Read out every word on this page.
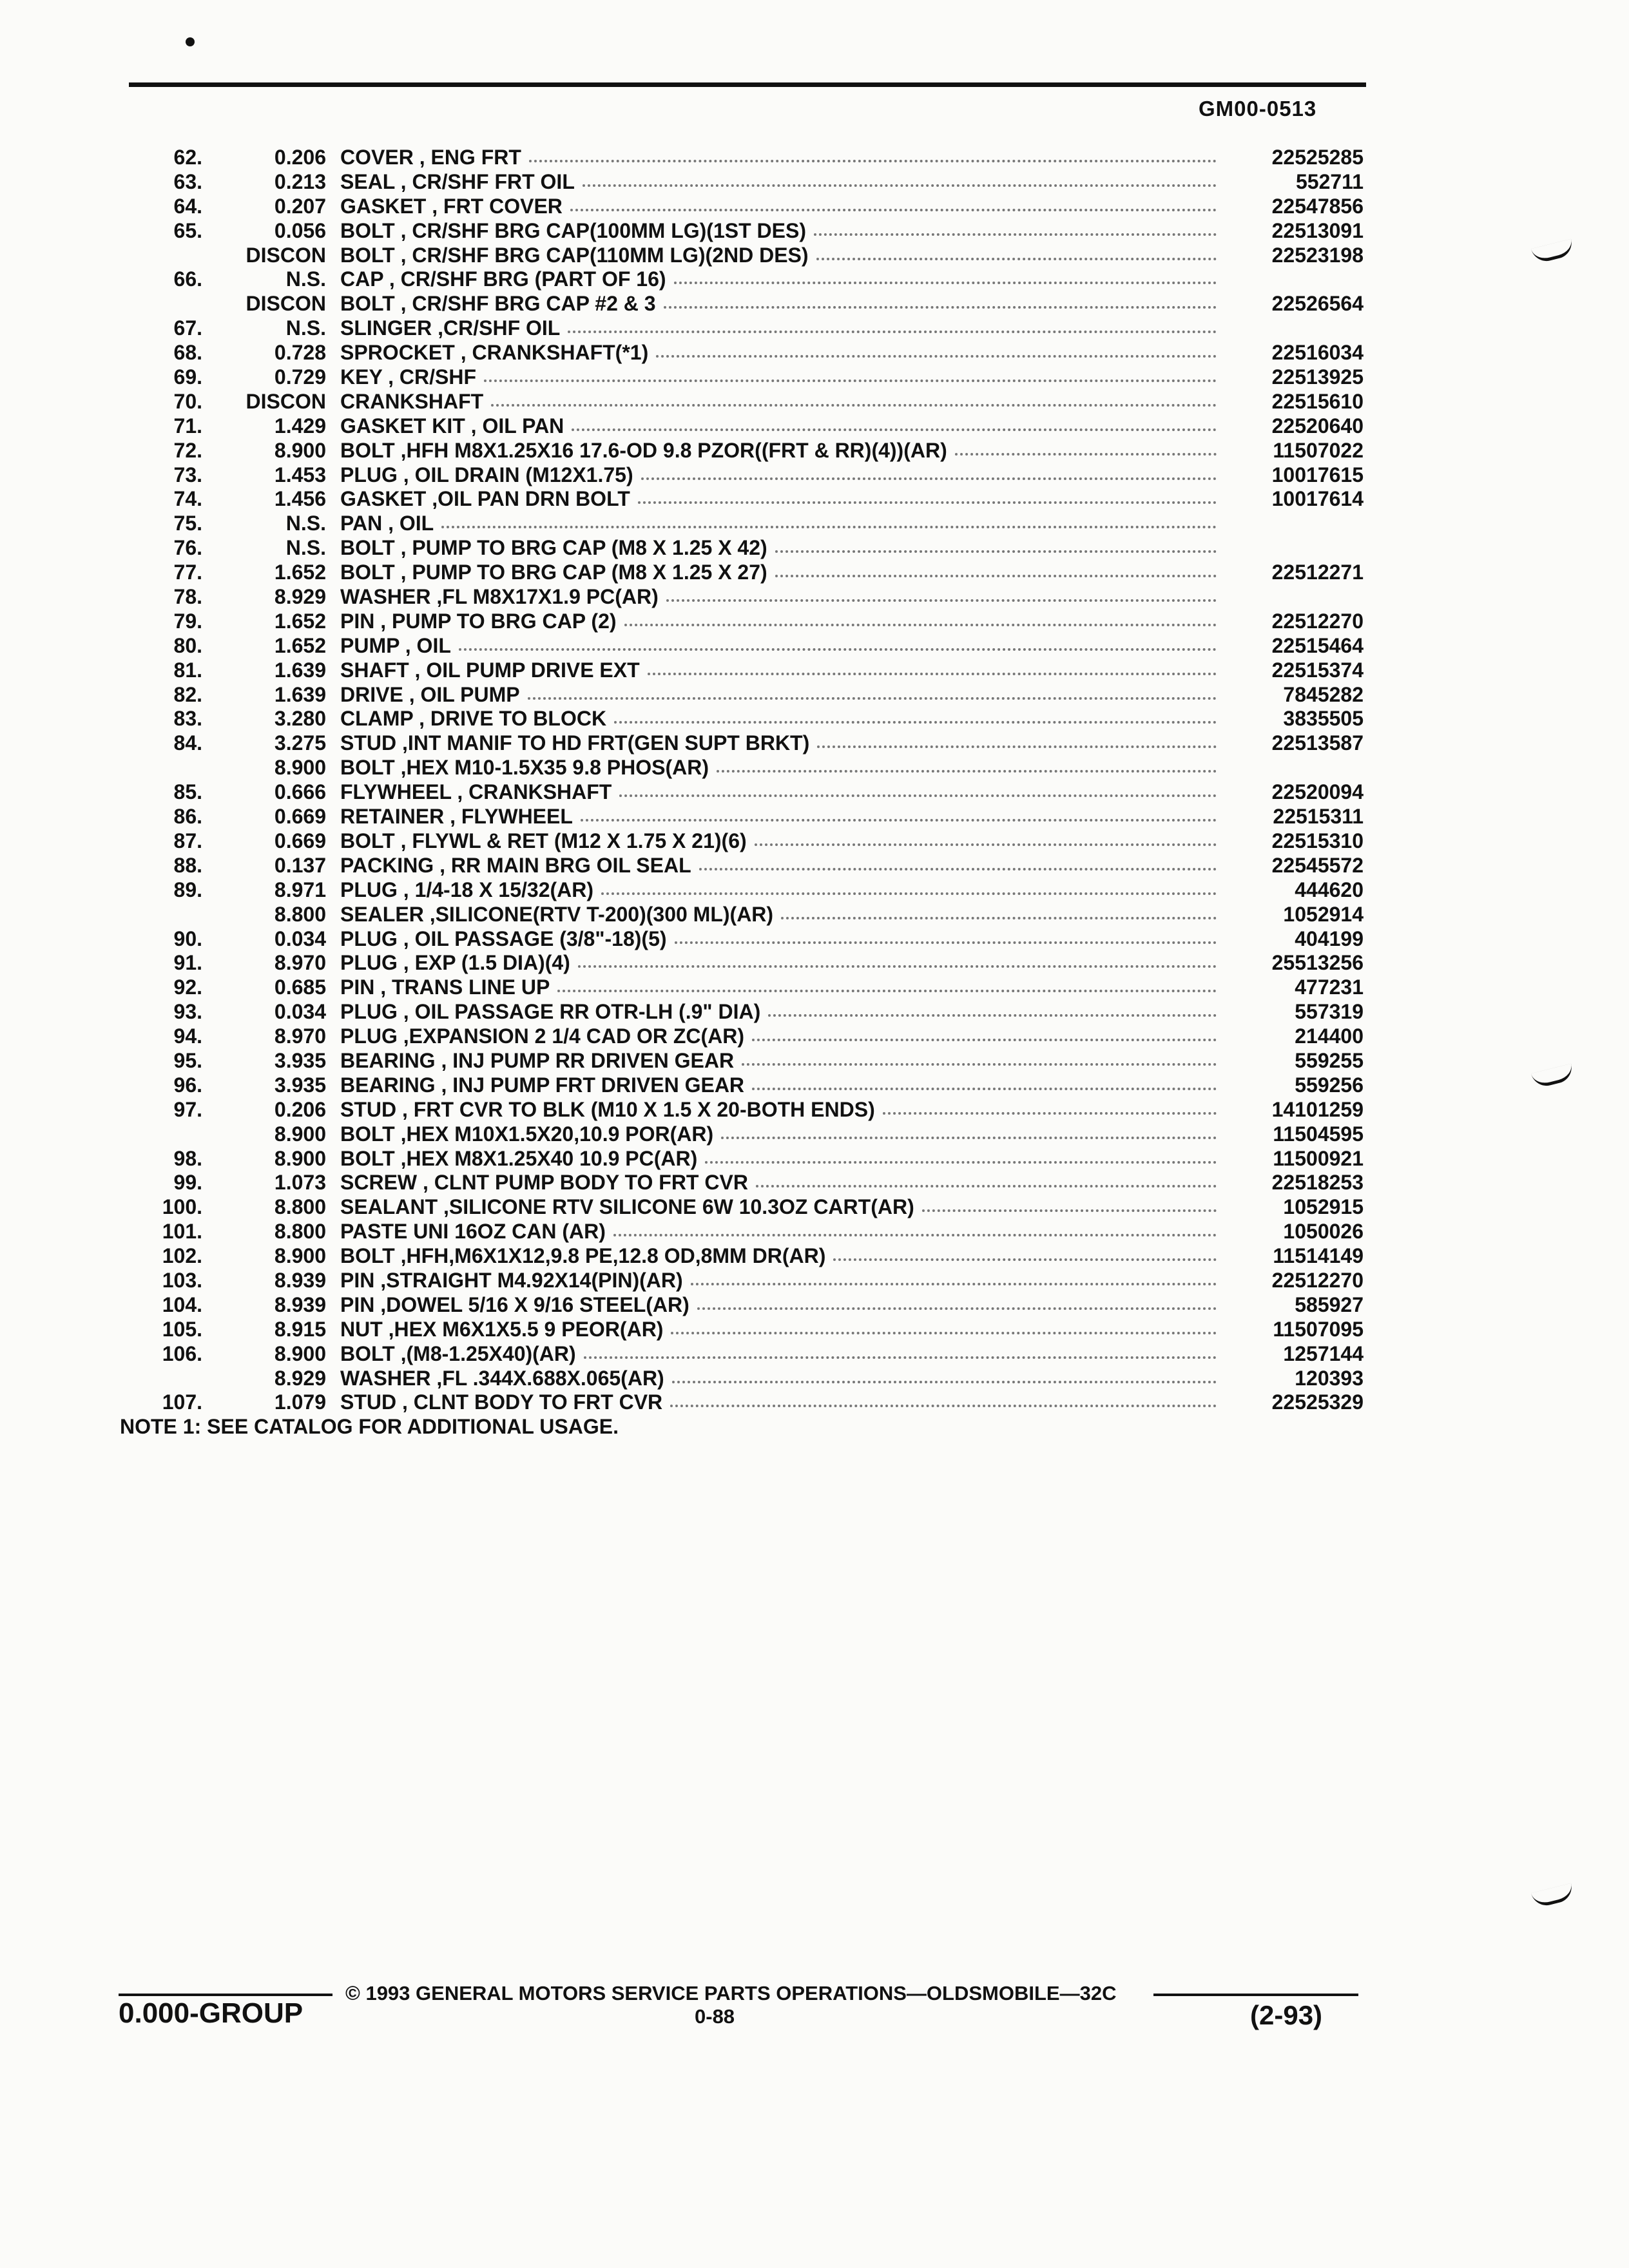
GM00-0513
62.	0.206 COVER , ENG FRT	22525285
63.	0.213 SEAL , CR/SHF FRT OIL	552711
64.	0.207 GASKET , FRT COVER	22547856
65.	0.056 BOLT , CR/SHF BRG CAP(100MM LG)(1ST DES)	22513091
DISCON BOLT , CR/SHF BRG CAP(110MM LG)(2ND DES)	22523198
66.	N.S. CAP , CR/SHF BRG (PART OF 16)
DISCON BOLT , CR/SHF BRG CAP #2 & 3	22526564
67.	N.S. SLINGER ,CR/SHF OIL
68.	0.728 SPROCKET , CRANKSHAFT(*1)	22516034
69.	0.729 KEY , CR/SHF	22513925
70. DISCON CRANKSHAFT	22515610
71.	1.429 GASKET KIT , OIL PAN	22520640
72.	8.900 BOLT ,HFH M8X1.25X16 17.6-OD 9.8 PZOR((FRT & RR)(4))(AR)	11507022
73.	1.453 PLUG , OIL DRAIN (M12X1.75)	10017615
74.	1.456 GASKET ,OIL PAN DRN BOLT	10017614
75.	N.S. PAN , OIL
76.	N.S. BOLT , PUMP TO BRG CAP (M8 X 1.25 X 42)
77.	1.652 BOLT , PUMP TO BRG CAP (M8 X 1.25 X 27)	22512271
78.	8.929 WASHER ,FL M8X17X1.9 PC(AR)
79.	1.652 PIN , PUMP TO BRG CAP (2)	22512270
80.	1.652 PUMP , OIL	22515464
81.	1.639 SHAFT , OIL PUMP DRIVE EXT	22515374
82.	1.639 DRIVE , OIL PUMP	7845282
83.	3.280 CLAMP , DRIVE TO BLOCK	3835505
84.	3.275 STUD ,INT MANIF TO HD FRT(GEN SUPT BRKT)	22513587
8.900 BOLT ,HEX M10-1.5X35 9.8 PHOS(AR)
85.	0.666 FLYWHEEL , CRANKSHAFT	22520094
86.	0.669 RETAINER , FLYWHEEL	22515311
87.	0.669 BOLT , FLYWL & RET (M12 X 1.75 X 21)(6)	22515310
88.	0.137 PACKING , RR MAIN BRG OIL SEAL	22545572
89.	8.971 PLUG , 1/4-18 X 15/32(AR)	444620
8.800 SEALER ,SILICONE(RTV T-200)(300 ML)(AR)	1052914
90.	0.034 PLUG , OIL PASSAGE (3/8"-18)(5)	404199
91.	8.970 PLUG , EXP (1.5 DIA)(4)	25513256
92.	0.685 PIN , TRANS LINE UP	477231
93.	0.034 PLUG , OIL PASSAGE RR OTR-LH (.9" DIA)	557319
94.	8.970 PLUG ,EXPANSION 2 1/4 CAD OR ZC(AR)	214400
95.	3.935 BEARING , INJ PUMP RR DRIVEN GEAR	559255
96.	3.935 BEARING , INJ PUMP FRT DRIVEN GEAR	559256
97.	0.206 STUD , FRT CVR TO BLK (M10 X 1.5 X 20-BOTH ENDS)	14101259
8.900 BOLT ,HEX M10X1.5X20,10.9 POR(AR)	11504595
98.	8.900 BOLT ,HEX M8X1.25X40 10.9 PC(AR)	11500921
99.	1.073 SCREW , CLNT PUMP BODY TO FRT CVR	22518253
100.	8.800 SEALANT ,SILICONE RTV SILICONE 6W 10.3OZ CART(AR)	1052915
101.	8.800 PASTE UNI 16OZ CAN (AR)	1050026
102.	8.900 BOLT ,HFH,M6X1X12,9.8 PE,12.8 OD,8MM DR(AR)	11514149
103.	8.939 PIN ,STRAIGHT M4.92X14(PIN)(AR)	22512270
104.	8.939 PIN ,DOWEL 5/16 X 9/16 STEEL(AR)	585927
105.	8.915 NUT ,HEX M6X1X5.5 9 PEOR(AR)	11507095
106.	8.900 BOLT ,(M8-1.25X40)(AR)	1257144
8.929 WASHER ,FL .344X.688X.065(AR)	120393
107.	1.079 STUD , CLNT BODY TO FRT CVR	22525329
NOTE 1: SEE CATALOG FOR ADDITIONAL USAGE.
© 1993 GENERAL MOTORS SERVICE PARTS OPERATIONS—OLDSMOBILE—32C
0.000-GROUP	0-88	(2-93)
